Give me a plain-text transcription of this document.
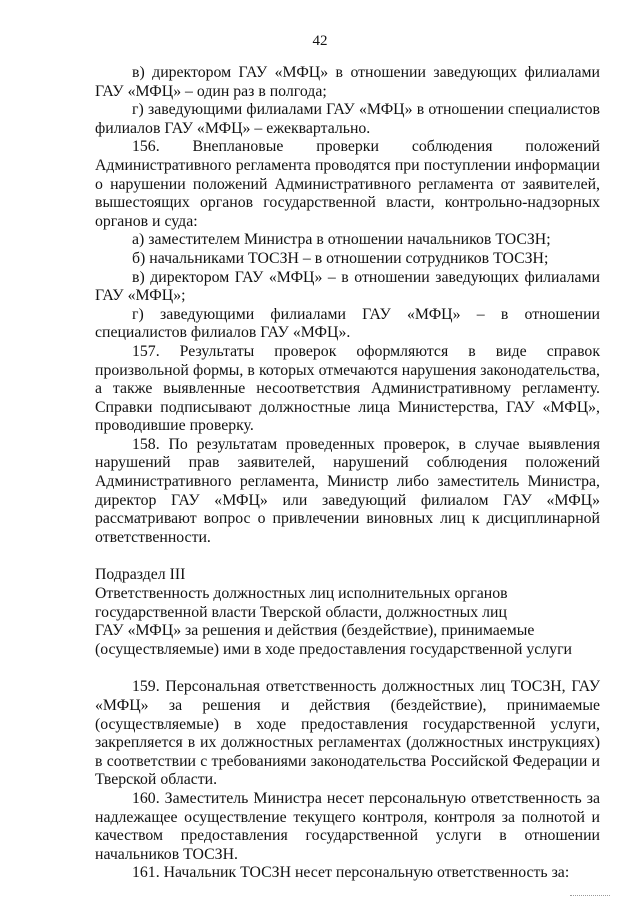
42

в) директором ГАУ «МФЦ» в отношении заведующих филиалами ГАУ «МФЦ» – один раз в полгода;

г) заведующими филиалами ГАУ «МФЦ» в отношении специалистов филиалов ГАУ «МФЦ» – ежеквартально.

156. Внеплановые проверки соблюдения положений Административного регламента проводятся при поступлении информации о нарушении положений Административного регламента от заявителей, вышестоящих органов государственной власти, контрольно-надзорных органов и суда:

а) заместителем Министра в отношении начальников ТОСЗН;

б) начальниками ТОСЗН – в отношении сотрудников ТОСЗН;

в) директором ГАУ «МФЦ» – в отношении заведующих филиалами ГАУ «МФЦ»;

г) заведующими филиалами ГАУ «МФЦ» – в отношении специалистов филиалов ГАУ «МФЦ».

157. Результаты проверок оформляются в виде справок произвольной формы, в которых отмечаются нарушения законодательства, а также выявленные несоответствия Административному регламенту. Справки подписывают должностные лица Министерства, ГАУ «МФЦ», проводившие проверку.

158. По результатам проведенных проверок, в случае выявления нарушений прав заявителей, нарушений соблюдения положений Административного регламента, Министр либо заместитель Министра, директор ГАУ «МФЦ» или заведующий филиалом ГАУ «МФЦ» рассматривают вопрос о привлечении виновных лиц к дисциплинарной ответственности.

Подраздел III

Ответственность должностных лиц исполнительных органов

государственной власти Тверской области, должностных лиц

ГАУ «МФЦ» за решения и действия (бездействие), принимаемые

(осуществляемые) ими в ходе предоставления государственной услуги

159. Персональная ответственность должностных лиц ТОСЗН, ГАУ «МФЦ» за решения и действия (бездействие), принимаемые (осуществляемые) в ходе предоставления государственной услуги, закрепляется в их должностных регламентах (должностных инструкциях) в соответствии с требованиями законодательства Российской Федерации и Тверской области.

160. Заместитель Министра несет персональную ответственность за надлежащее осуществление текущего контроля, контроля за полнотой и качеством предоставления государственной услуги в отношении начальников ТОСЗН.

161. Начальник ТОСЗН несет персональную ответственность за:
